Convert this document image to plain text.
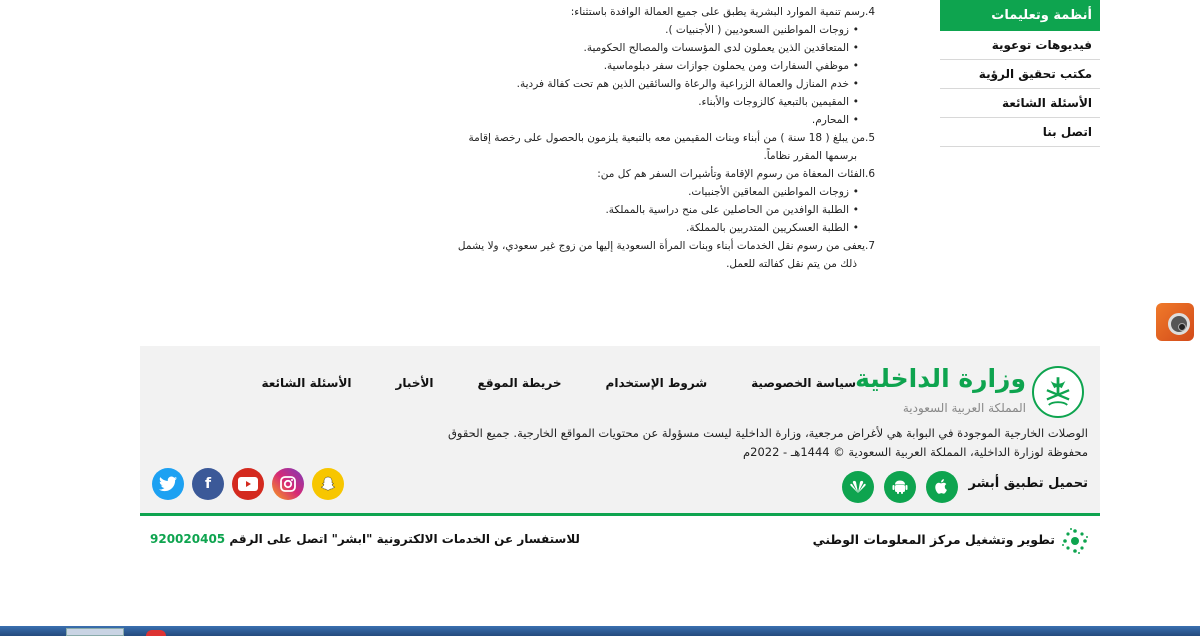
أنظمة وتعليمات
فيديوهات توعوية
مكتب تحقيق الرؤية
الأسئلة الشائعة
اتصل بنا
4.
رسم تنمية الموارد البشرية يطبق على جميع العمالة الوافدة باستثناء:
• زوجات المواطنين السعوديين ( الأجنبيات ).
• المتعاقدين الذين يعملون لدى المؤسسات والمصالح الحكومية.
• موظفي السفارات ومن يحملون جوازات سفر دبلوماسية.
• خدم المنازل والعمالة الزراعية والرعاة والسائقين الذين هم تحت كفالة فردية.
• المقيمين بالتبعية كالزوجات والأبناء.
• المحارم.
5.
من يبلغ ( 18 سنة ) من أبناء وبنات المقيمين معه بالتبعية يلزمون بالحصول على رخصة إقامة
برسمها المقرر نظاماً.
6.
الفئات المعفاة من رسوم الإقامة وتأشيرات السفر هم كل من:
• زوجات المواطنين المعاقين الأجنبيات.
• الطلبة الوافدين من الحاصلين على منح دراسية بالمملكة.
• الطلبة العسكريين المتدربين بالمملكة.
7.
يعفى من رسوم نقل الخدمات أبناء وبنات المرأة السعودية إليها من زوج غير سعودي، ولا يشمل
ذلك من يتم نقل كفالته للعمل.
وزارة الداخلية
المملكة العربية السعودية
سياسة الخصوصية
شروط الإستخدام
خريطة الموقع
الأخبار
الأسئلة الشائعة
الوصلات الخارجية الموجودة في البوابة هي لأغراض مرجعية، وزارة الداخلية ليست مسؤولة عن محتويات المواقع الخارجية. جميع الحقوق
محفوظة لوزارة الداخلية، المملكة العربية السعودية © 1444هـ - 2022م
تحميل تطبيق أبشر
f
تطوير وتشغيل مركز المعلومات الوطني
للاستفسار عن الخدمات الالكترونية "ابشر" اتصل على الرقم 920020405
